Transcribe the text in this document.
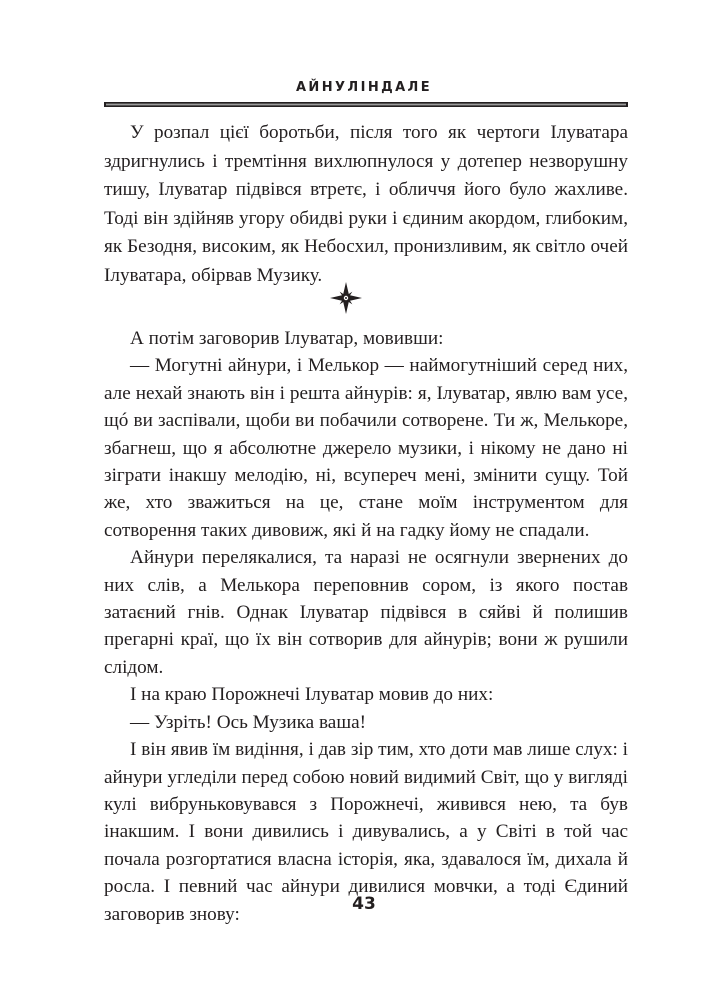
АЙНУЛІНДАЛЕ

У розпал цієї боротьби, після того як чертоги Ілуватара здригнулись і тремтіння вихлюпнулося у дотепер незворушну тишу, Ілуватар підвівся втретє, і обличчя його було жахливе. Тоді він здійняв угору обидві руки і єдиним акордом, глибоким, як Безодня, високим, як Небосхил, пронизливим, як світло очей Ілуватара, обірвав Музику.

А потім заговорив Ілуватар, мовивши:

— Могутні айнури, і Мелькор — наймогутніший серед них, але нехай знають він і решта айнурів: я, Ілуватар, явлю вам усе, щó ви заспівали, щоби ви побачили сотворене. Ти ж, Мелькоре, збагнеш, що я абсолютне джерело музики, і нікому не дано ні зіграти інакшу мелодію, ні, всупереч мені, змінити сущу. Той же, хто зважиться на це, стане моїм інструментом для сотворення таких дивовиж, які й на гадку йому не спадали.

Айнури перелякалися, та наразі не осягнули звернених до них слів, а Мелькора переповнив сором, із якого постав затаєний гнів. Однак Ілуватар підвівся в сяйві й полишив прегарні краї, що їх він сотворив для айнурів; вони ж рушили слідом.

І на краю Порожнечі Ілуватар мовив до них:

— Узріть! Ось Музика ваша!

І він явив їм видіння, і дав зір тим, хто доти мав лише слух: і айнури угледіли перед собою новий видимий Світ, що у вигляді кулі вибруньковувався з Порожнечі, живився нею, та був інакшим. І вони дивились і дивувались, а у Світі в той час почала розгортатися власна історія, яка, здавалося їм, дихала й росла. І певний час айнури дивилися мовчки, а тоді Єдиний заговорив знову:	43
